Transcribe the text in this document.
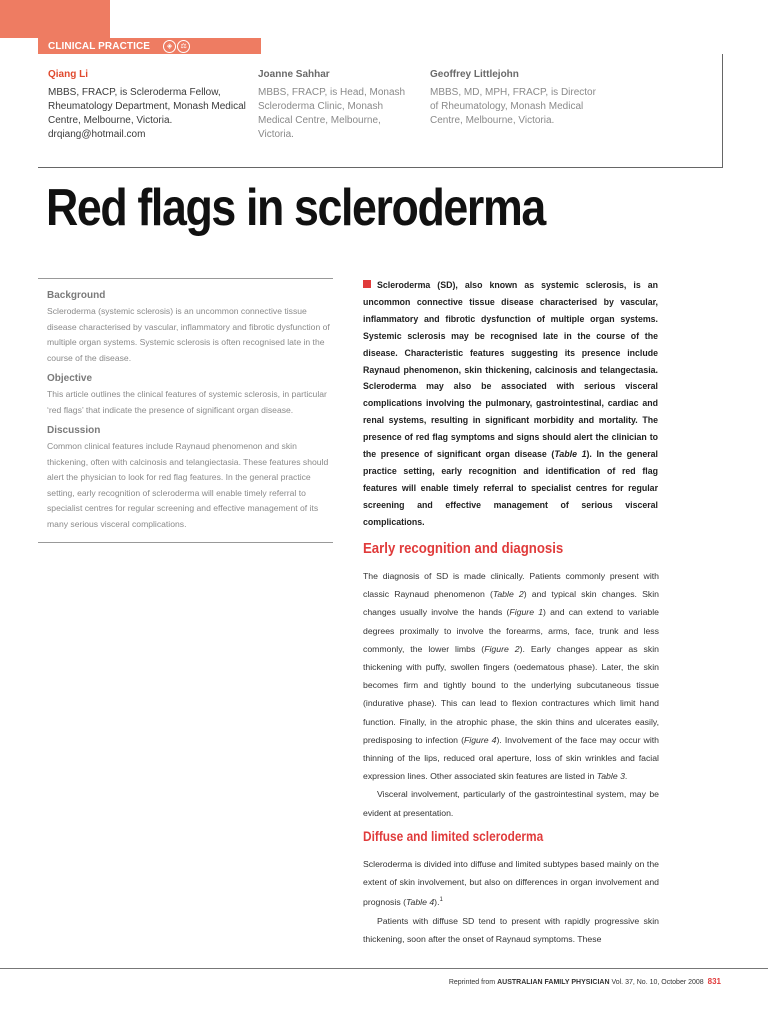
CLINICAL PRACTICE	◈	⚖
Qiang Li
MBBS, FRACP, is Scleroderma Fellow, Rheumatology Department, Monash Medical Centre, Melbourne, Victoria. drqiang@hotmail.com
Joanne Sahhar
MBBS, FRACP, is Head, Monash Scleroderma Clinic, Monash Medical Centre, Melbourne, Victoria.
Geoffrey Littlejohn
MBBS, MD, MPH, FRACP, is Director of Rheumatology, Monash Medical Centre, Melbourne, Victoria.
Red flags in scleroderma
Background
Scleroderma (systemic sclerosis) is an uncommon connective tissue disease characterised by vascular, inflammatory and fibrotic dysfunction of multiple organ systems. Systemic sclerosis is often recognised late in the course of the disease.
Objective
This article outlines the clinical features of systemic sclerosis, in particular ‘red flags’ that indicate the presence of significant organ disease.
Discussion
Common clinical features include Raynaud phenomenon and skin thickening, often with calcinosis and telangiectasia. These features should alert the physician to look for red flag features. In the general practice setting, early recognition of scleroderma will enable timely referral to specialist centres for regular screening and effective management of its many serious visceral complications.
Scleroderma (SD), also known as systemic sclerosis, is an uncommon connective tissue disease characterised by vascular, inflammatory and fibrotic dysfunction of multiple organ systems. Systemic sclerosis may be recognised late in the course of the disease. Characteristic features suggesting its presence include Raynaud phenomenon, skin thickening, calcinosis and telangectasia. Scleroderma may also be associated with serious visceral complications involving the pulmonary, gastrointestinal, cardiac and renal systems, resulting in significant morbidity and mortality. The presence of red flag symptoms and signs should alert the clinician to the presence of significant organ disease (Table 1). In the general practice setting, early recognition and identification of red flag features will enable timely referral to specialist centres for regular screening and effective management of serious visceral complications.
Early recognition and diagnosis

The diagnosis of SD is made clinically. Patients commonly present with classic Raynaud phenomenon (Table 2) and typical skin changes. Skin changes usually involve the hands (Figure 1) and can extend to variable degrees proximally to involve the forearms, arms, face, trunk and less commonly, the lower limbs (Figure 2). Early changes appear as skin thickening with puffy, swollen fingers (oedematous phase). Later, the skin becomes firm and tightly bound to the underlying subcutaneous tissue (indurative phase). This can lead to flexion contractures which limit hand function. Finally, in the atrophic phase, the skin thins and ulcerates easily, predisposing to infection (Figure 4). Involvement of the face may occur with thinning of the lips, reduced oral aperture, loss of skin wrinkles and facial expression lines. Other associated skin features are listed in Table 3.

Visceral involvement, particularly of the gastrointestinal system, may be evident at presentation.

Diffuse and limited scleroderma

Scleroderma is divided into diffuse and limited subtypes based mainly on the extent of skin involvement, but also on differences in organ involvement and prognosis (Table 4).$^1$

Patients with diffuse SD tend to present with rapidly progressive skin thickening, soon after the onset of Raynaud symptoms. These

Reprinted from AUSTRALIAN FAMILY PHYSICIAN Vol. 37, No. 10, October 2008 831
